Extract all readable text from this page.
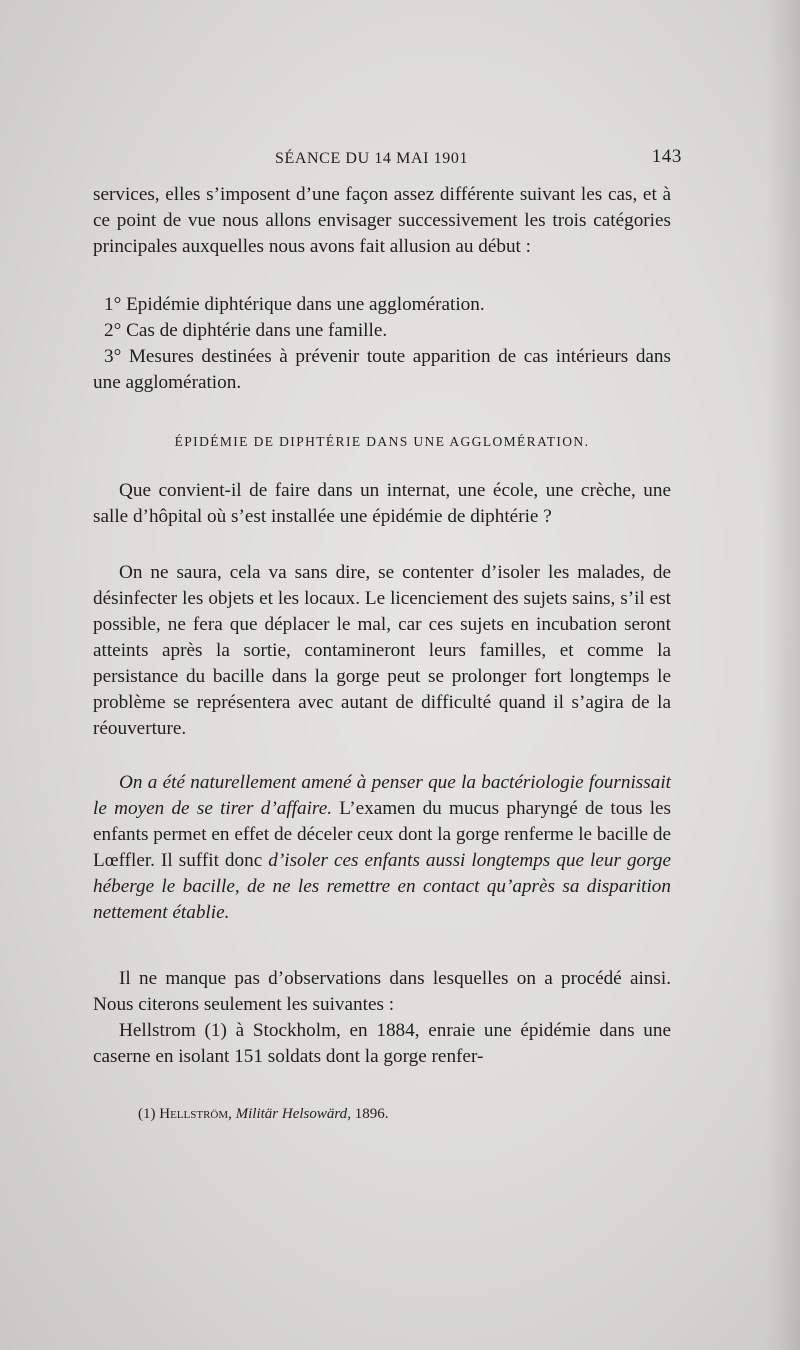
SÉANCE DU 14 MAI 1901	143

services, elles s’imposent d’une façon assez différente suivant les cas, et à ce point de vue nous allons envisager successivement les trois catégories principales auxquelles nous avons fait allusion au début :

1° Epidémie diphtérique dans une agglomération.

2° Cas de diphtérie dans une famille.

3° Mesures destinées à prévenir toute apparition de cas intérieurs dans une agglomération.

ÉPIDÉMIE DE DIPHTÉRIE DANS UNE AGGLOMÉRATION.

Que convient-il de faire dans un internat, une école, une crèche, une salle d’hôpital où s’est installée une épidémie de diphtérie ?

On ne saura, cela va sans dire, se contenter d’isoler les malades, de désinfecter les objets et les locaux. Le licenciement des sujets sains, s’il est possible, ne fera que déplacer le mal, car ces sujets en incubation seront atteints après la sortie, contamineront leurs familles, et comme la persistance du bacille dans la gorge peut se prolonger fort longtemps le problème se représentera avec autant de difficulté quand il s’agira de la réouverture.

On a été naturellement amené à penser que la bactériologie fournissait le moyen de se tirer d’affaire. L’examen du mucus pharyngé de tous les enfants permet en effet de déceler ceux dont la gorge renferme le bacille de Lœffler. Il suffit donc d’isoler ces enfants aussi longtemps que leur gorge héberge le bacille, de ne les remettre en contact qu’après sa disparition nettement établie.

Il ne manque pas d’observations dans lesquelles on a procédé ainsi. Nous citerons seulement les suivantes :

Hellstrom (1) à Stockholm, en 1884, enraie une épidémie dans une caserne en isolant 151 soldats dont la gorge renfer-

(1) Hellström, Militär Helsowärd, 1896.
